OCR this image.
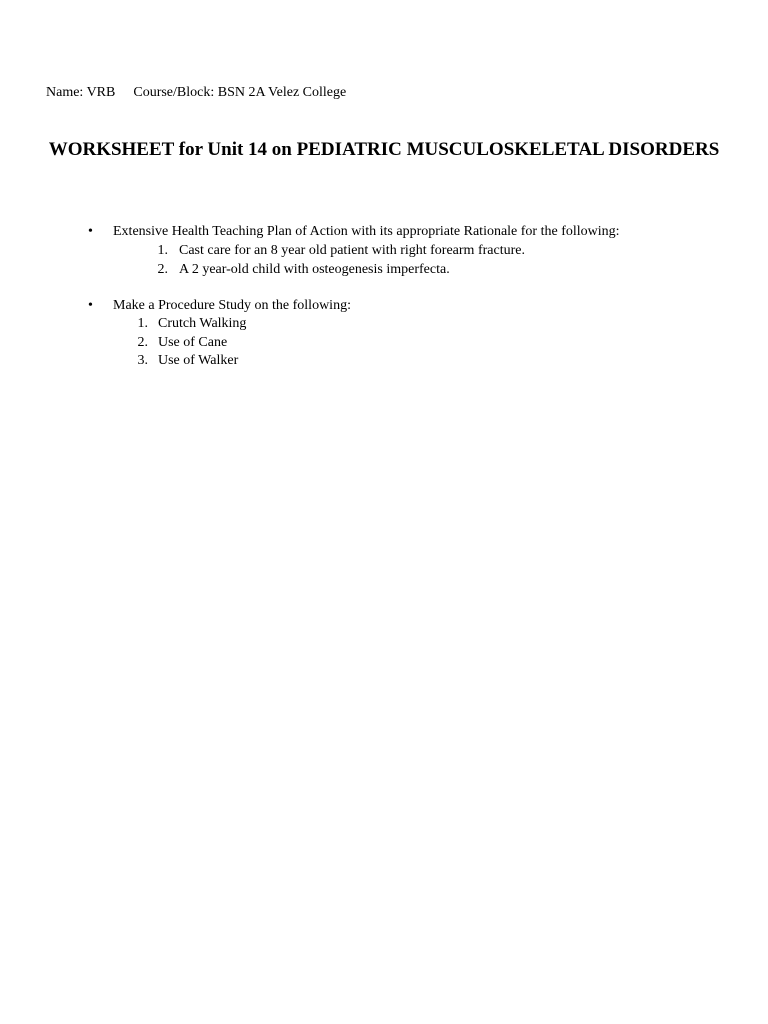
Name: VRB Course/Block: BSN 2A Velez College
WORKSHEET for Unit 14 on PEDIATRIC MUSCULOSKELETAL DISORDERS
•	Extensive Health Teaching Plan of Action with its appropriate Rationale for the following:
1. Cast care for an 8 year old patient with right forearm fracture.
2. A 2 year-old child with osteogenesis imperfecta.
•	Make a Procedure Study on the following:
1. Crutch Walking
2. Use of Cane
3. Use of Walker
